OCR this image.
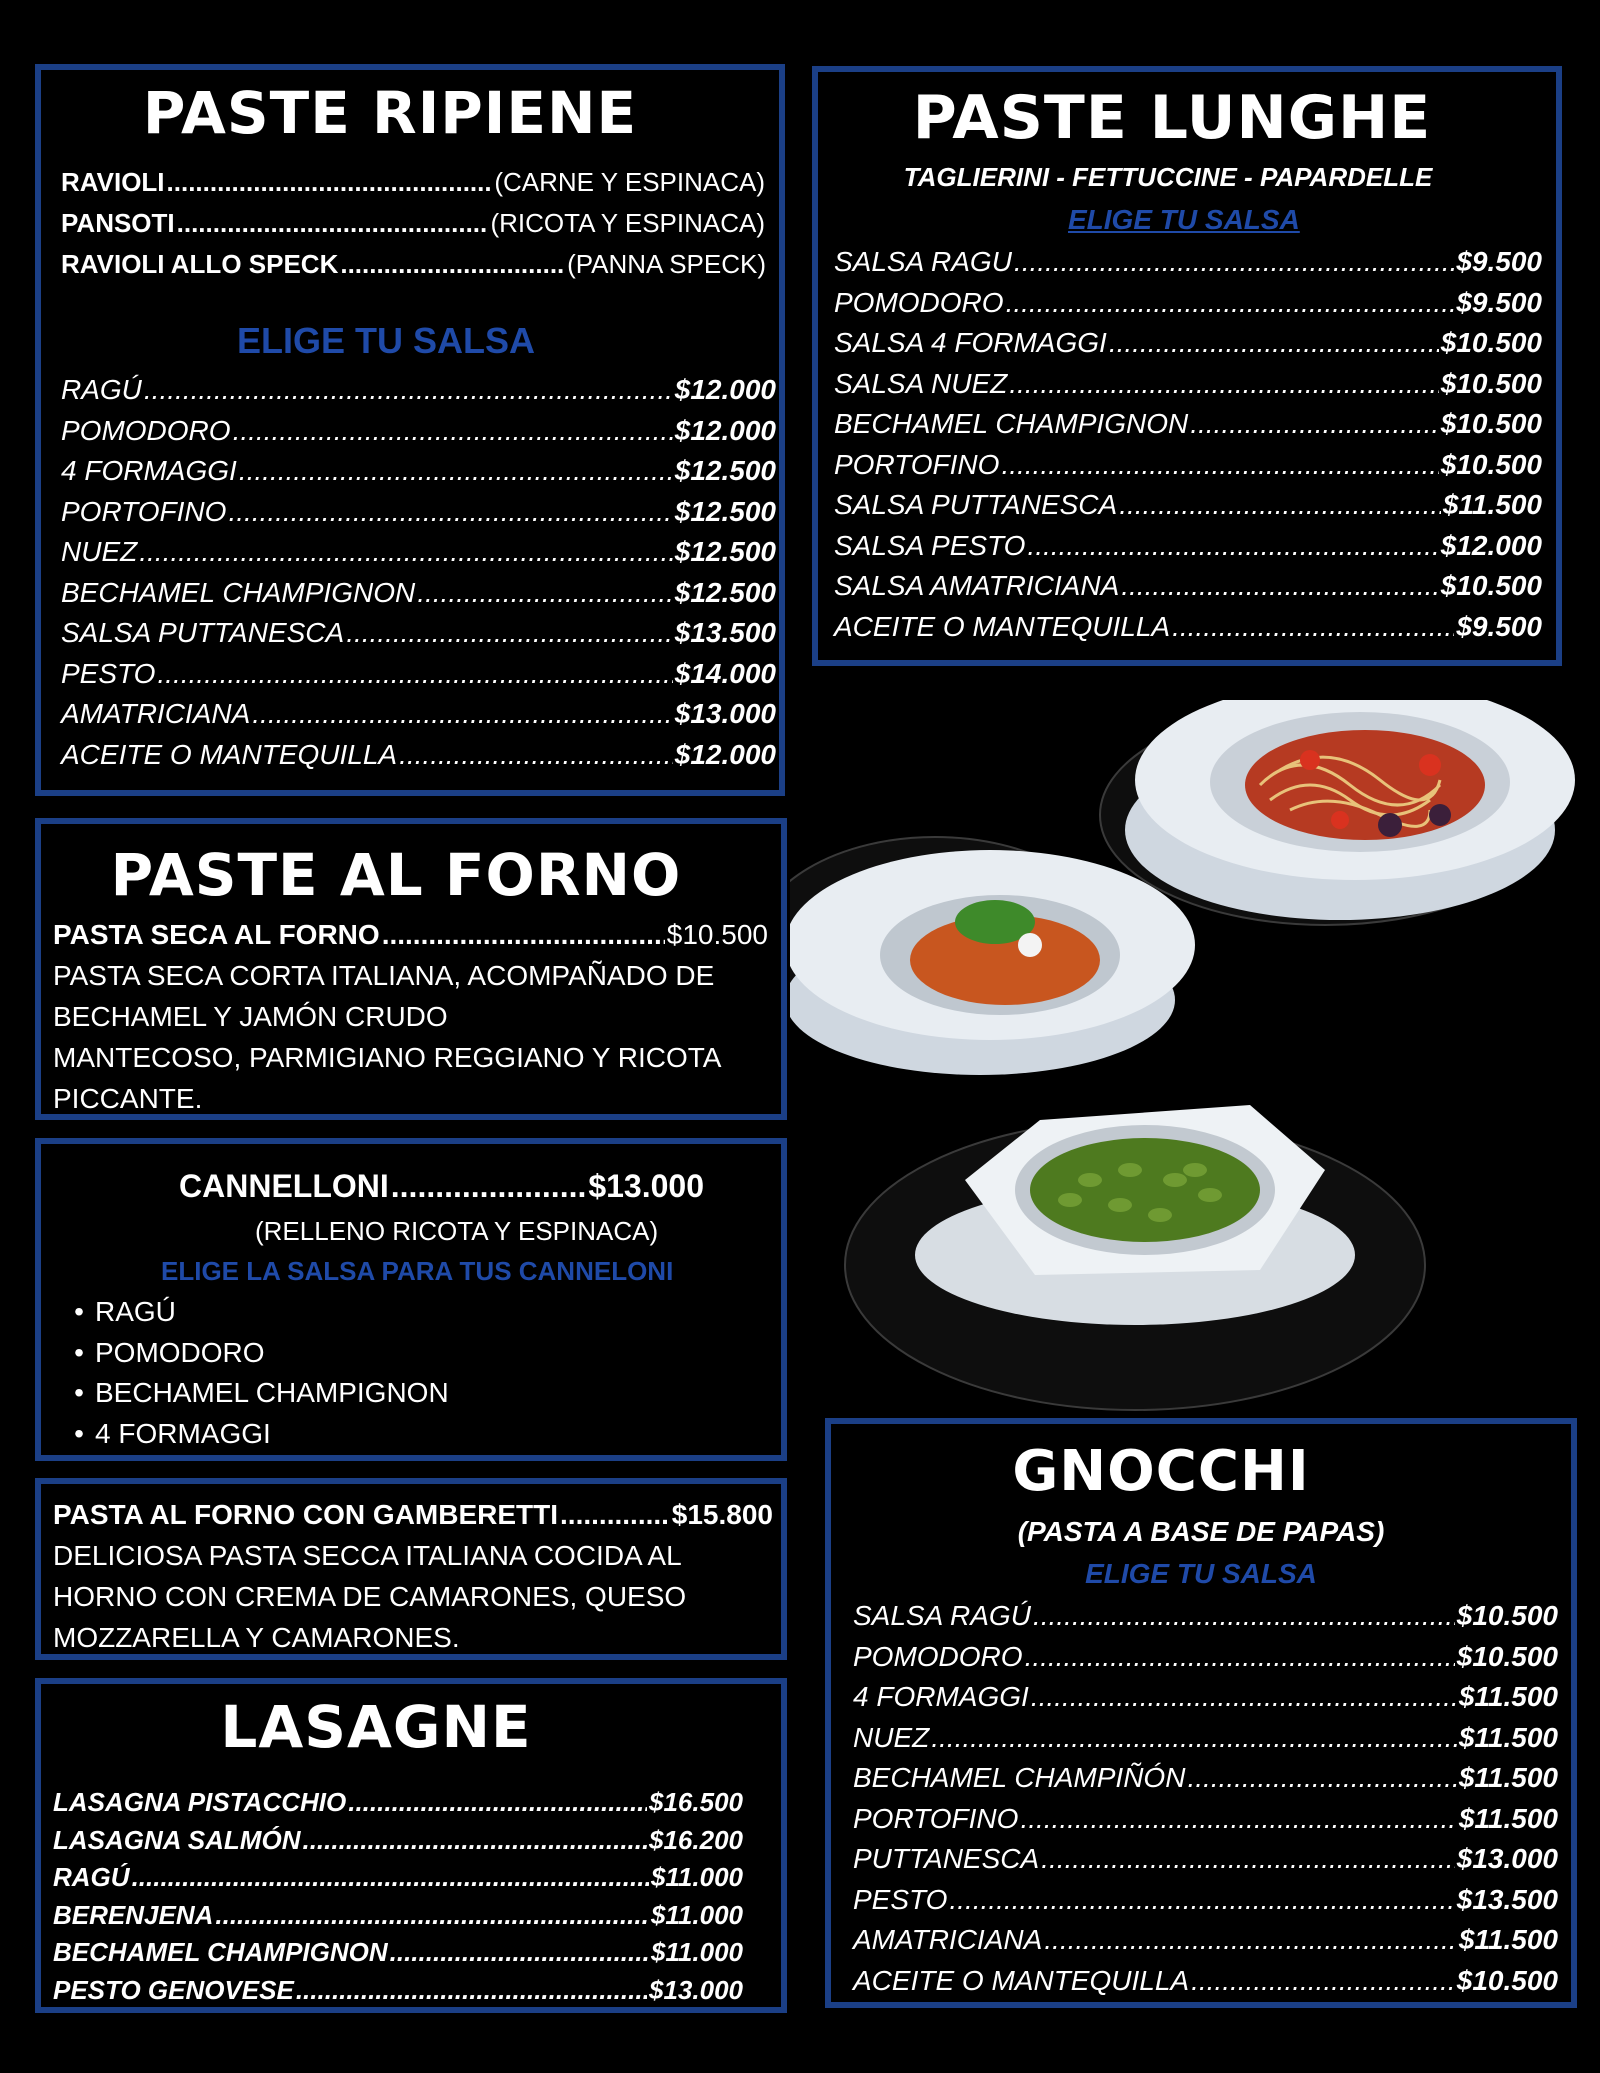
PASTE RIPIENE
RAVIOLI .....	(CARNE Y ESPINACA)
PANSOTI .....	(RICOTA Y ESPINACA)
RAVIOLI ALLO SPECK .....	(PANNA SPECK)
ELIGE TU SALSA
RAGÚ .....	$12.000
POMODORO .....	$12.000
4 FORMAGGI .....	$12.500
PORTOFINO .....	$12.500
NUEZ .....	$12.500
BECHAMEL CHAMPIGNON .....	$12.500
SALSA PUTTANESCA .....	$13.500
PESTO .....	$14.000
AMATRICIANA .....	$13.000
ACEITE O MANTEQUILLA .....	$12.000
PASTE LUNGHE
TAGLIERINI - FETTUCCINE - PAPARDELLE
ELIGE TU SALSA
SALSA RAGU .....	$9.500
POMODORO .....	$9.500
SALSA 4 FORMAGGI .....	$10.500
SALSA NUEZ .....	$10.500
BECHAMEL CHAMPIGNON .....	$10.500
PORTOFINO .....	$10.500
SALSA PUTTANESCA .....	$11.500
SALSA PESTO .....	$12.000
SALSA AMATRICIANA .....	$10.500
ACEITE O MANTEQUILLA .....	$9.500
PASTE AL FORNO
PASTA SECA AL FORNO .....	$10.500
PASTA SECA CORTA ITALIANA, ACOMPAÑADO DE
BECHAMEL Y JAMÓN CRUDO
MANTECOSO, PARMIGIANO REGGIANO Y RICOTA
PICCANTE.
CANNELLONI .....	$13.000
(RELLENO RICOTA Y ESPINACA)
ELIGE LA SALSA PARA TUS CANNELONI
• RAGÚ
• POMODORO
• BECHAMEL CHAMPIGNON
• 4 FORMAGGI
PASTA AL FORNO CON GAMBERETTI .....	$15.800
DELICIOSA PASTA SECCA ITALIANA COCIDA AL
HORNO CON CREMA DE CAMARONES, QUESO
MOZZARELLA Y CAMARONES.
LASAGNE
LASAGNA PISTACCHIO .....	$16.500
LASAGNA SALMÓN .....	$16.200
RAGÚ .....	$11.000
BERENJENA .....	$11.000
BECHAMEL CHAMPIGNON .....	$11.000
PESTO GENOVESE .....	$13.000
GNOCCHI
(PASTA A BASE DE PAPAS)
ELIGE TU SALSA
SALSA RAGÚ .....	$10.500
POMODORO .....	$10.500
4 FORMAGGI .....	$11.500
NUEZ .....	$11.500
BECHAMEL CHAMPIÑÓN .....	$11.500
PORTOFINO .....	$11.500
PUTTANESCA .....	$13.000
PESTO .....	$13.500
AMATRICIANA .....	$11.500
ACEITE O MANTEQUILLA .....	$10.500
